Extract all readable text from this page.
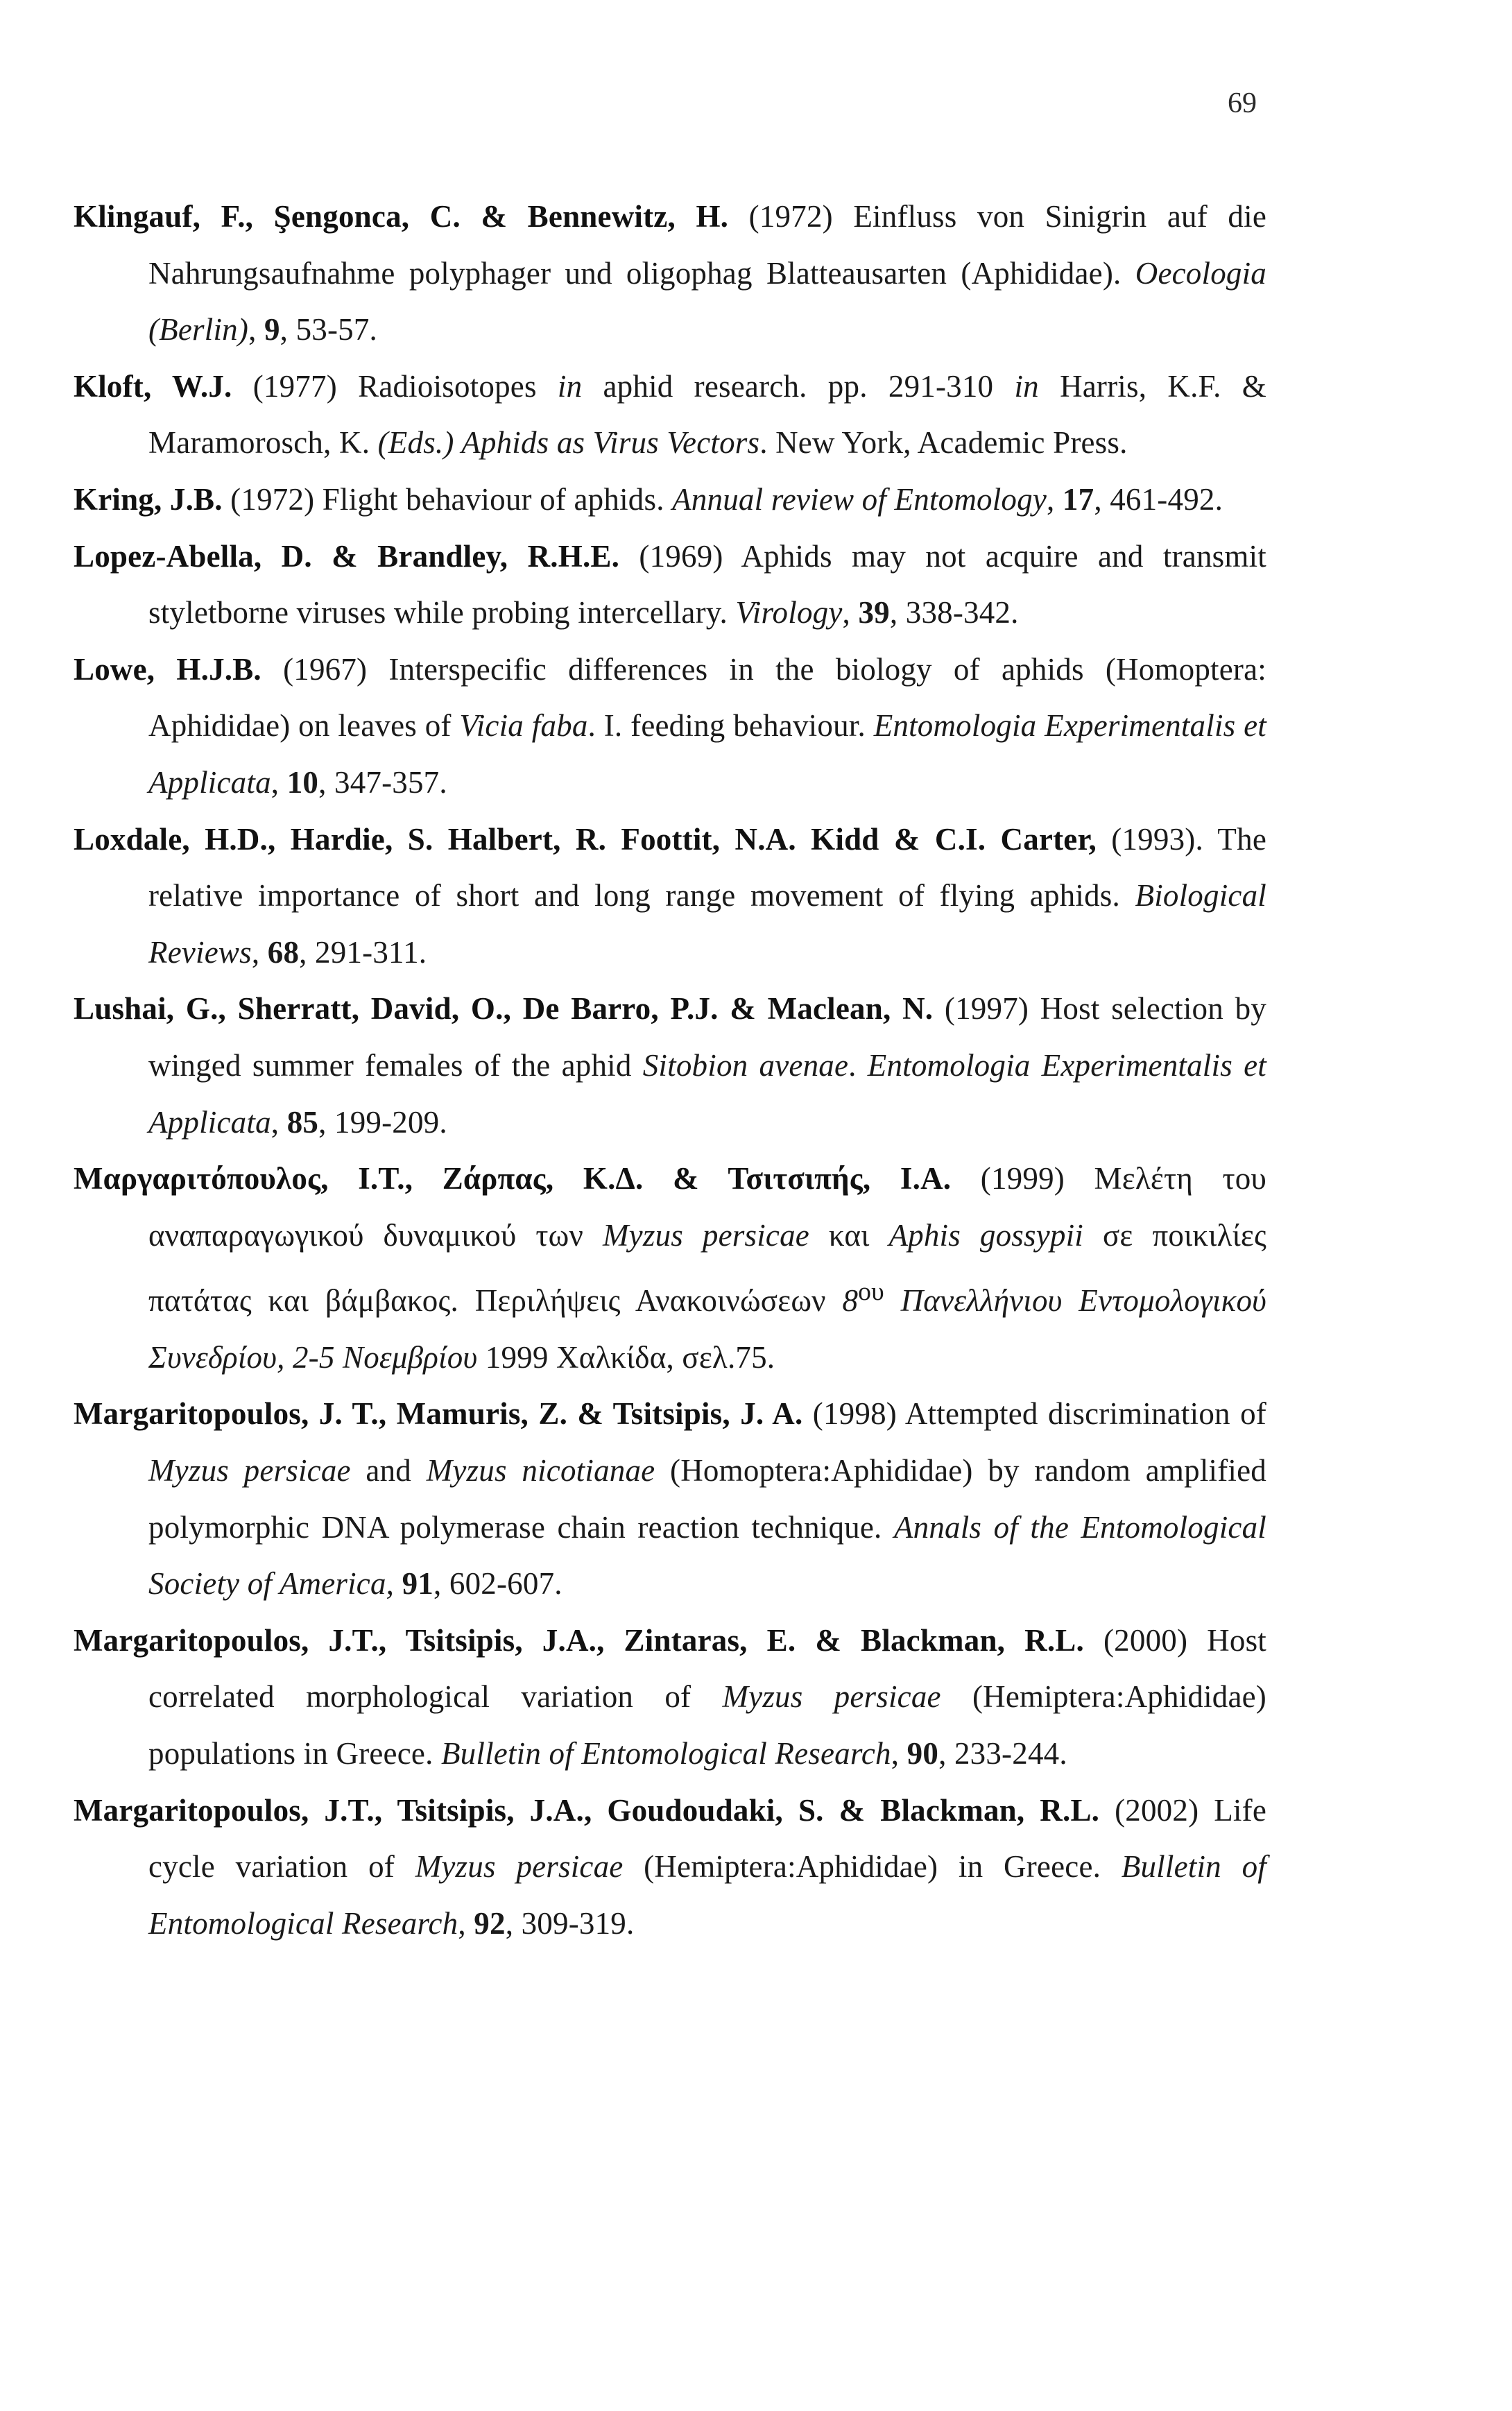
69
Klingauf, F., Şengonca, C. & Bennewitz, H. (1972) Einfluss von Sinigrin auf die Nahrungsaufnahme polyphager und oligophag Blatteausarten (Aphididae). Oecologia (Berlin), 9, 53-57.
Kloft, W.J. (1977) Radioisotopes in aphid research. pp. 291-310 in Harris, K.F. & Maramorosch, K. (Eds.) Aphids as Virus Vectors. New York, Academic Press.
Kring, J.B. (1972) Flight behaviour of aphids. Annual review of Entomology, 17, 461-492.
Lopez-Abella, D. & Brandley, R.H.E. (1969) Aphids may not acquire and transmit styletborne viruses while probing intercellary. Virology, 39, 338-342.
Lowe, H.J.B. (1967) Interspecific differences in the biology of aphids (Homoptera: Aphididae) on leaves of Vicia faba. I. feeding behaviour. Entomologia Experimentalis et Applicata, 10, 347-357.
Loxdale, H.D., Hardie, S. Halbert, R. Foottit, N.A. Kidd & C.I. Carter, (1993). The relative importance of short and long range movement of flying aphids. Biological Reviews, 68, 291-311.
Lushai, G., Sherratt, David, O., De Barro, P.J. & Maclean, N. (1997) Host selection by winged summer females of the aphid Sitobion avenae. Entomologia Experimentalis et Applicata, 85, 199-209.
Μαργαριτόπουλος, Ι.Τ., Ζάρπας, Κ.Δ. & Τσιτσιπής, Ι.Α. (1999) Μελέτη του αναπαραγωγικού δυναμικού των Myzus persicae και Aphis gossypii σε ποικιλίες πατάτας και βάμβακος. Περιλήψεις Ανακοινώσεων $8^{o\upsilon}$ Πανελλήνιου Εντομολογικού Συνεδρίου, 2-5 Νοεμβρίου 1999 Χαλκίδα, σελ.75.
Margaritopoulos, J. T., Mamuris, Z. & Tsitsipis, J. A. (1998) Attempted discrimination of Myzus persicae and Myzus nicotianae (Homoptera:Aphididae) by random amplified polymorphic DNA polymerase chain reaction technique. Annals of the Entomological Society of America, 91, 602-607.
Margaritopoulos, J.T., Tsitsipis, J.A., Zintaras, E. & Blackman, R.L. (2000) Host correlated morphological variation of Myzus persicae (Hemiptera:Aphididae) populations in Greece. Bulletin of Entomological Research, 90, 233-244.
Margaritopoulos, J.T., Tsitsipis, J.A., Goudoudaki, S. & Blackman, R.L. (2002) Life cycle variation of Myzus persicae (Hemiptera:Aphididae) in Greece. Bulletin of Entomological Research, 92, 309-319.
